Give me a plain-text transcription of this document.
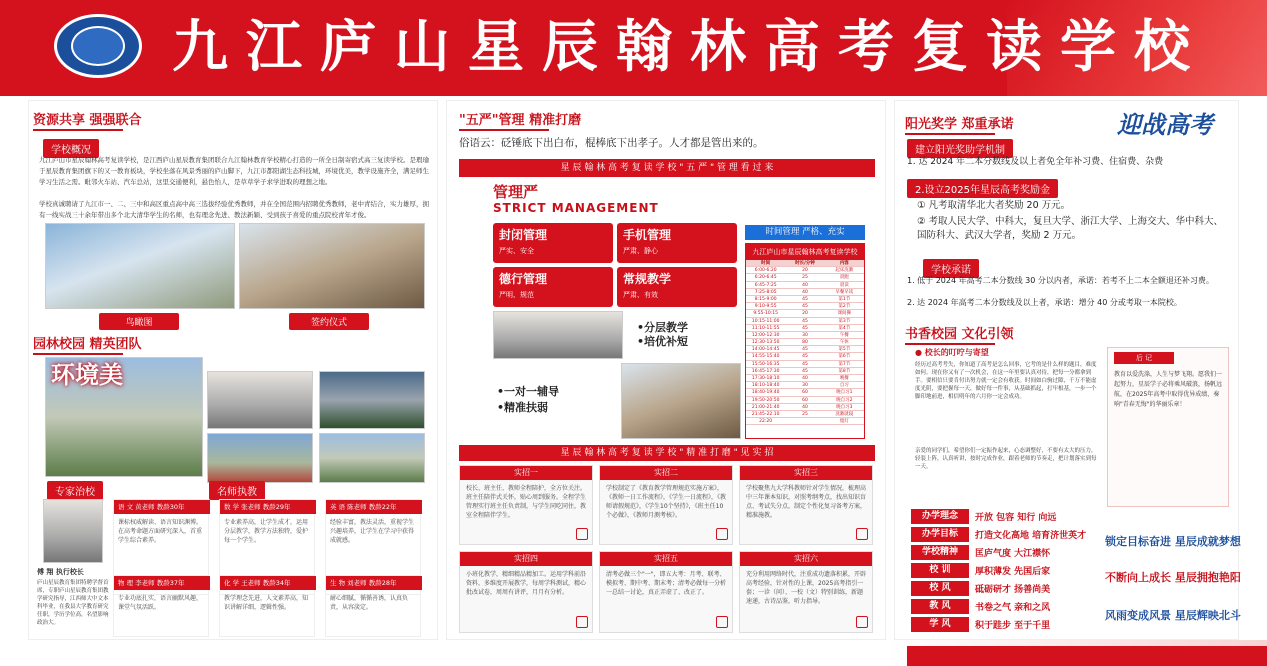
九江庐山星辰翰林高考复读学校
资源共享 强强联合
学校概况
九江庐山市星辰翰林高考复读学校，是江西庐山星辰教育集团联合九江翰林教育学校精心打造的一所全日制寄宿式高三复读学校。是瑕瑜于星辰教育集团旗下的又一教育板块，学校坐落在风景秀丽的庐山脚下，九江市都阳湖生态科技城，环境优美，教学设施齐全，满足师生学习生活之需。毗邻火车站、汽车总站，这里交通便利，悬色怡人，是草草学子求学进取的理想之地。
学校真诚聘请了九江市一、二、三中和高区重点高中高三选拔经验优秀教师，并在全国范围内招聘优秀教师，老中青结合，实力雄厚，拥有一线实战三十余年带出多个北大清华学生的名师，也有理念先进、教法新颖、受到孩子喜爱的重点院校青年才俊。
鸟瞰图	签约仪式
园林校园 精英团队
环境美
专家治校	名师执教
傅 翔 执行校长
庐山星辰教育集团特聘学督首席，专职庐山星辰教育集团教学研究指导，江西师大中文本科毕业，在我县大学教育研究任职，学历学位高，名望影响政治大。
语 文 黄老师 教龄30年
课标权威解读、语言知识渊博。在高考命题方面研究深入，首重学生综合素养。
数 学 张老师 教龄29年
专业素养高，让学生成才，运用分层教学，教学方法独特，爱护每一个学生。
英 语 陈老师 教龄22年
经验丰富，教法灵活，重视学生兴趣培养，让学生在学习中获得成就感。
物 理 李老师 教龄37年
专业功底扎实，语言幽默风趣，课堂气氛活跃。
化 学 王老师 教龄34年
教学理念先进，人文素养高，知识讲解详细，逻辑性强。
生 物 刘老师 教龄28年
耐心细腻，循循善诱，认真负责，从容淡定。
"五严"管理 精准打磨
俗语云：砭锤底下出白布，棍棒底下出孝子。人才都是管出来的。
星 辰 翰 林 高 考 复 读 学 校 " 五 严 " 管 理 看 过 来
管理严
STRICT MANAGEMENT
封闭管理
严实、安全
手机管理
严肃、静心
德行管理
严明、规范
常规教学
严肃、有效
•分层教学
•培优补短
•一对一辅导
•精准扶弱
时间管理 严格、充实
九江庐山市星辰翰林高考复读学校
时间	时长/分钟	内容
6:00-6:20	20	起床洗漱
6:20-6:45	25	晨跑
6:45-7:25	40	晨读
7:25-8:05	40	早餐早读
8:15-9:00	45	第1节
9:10-9:55	45	第2节
9:55-10:15	20	课间操
10:15-11:00	45	第3节
11:10-11:55	45	第4节
12:00-12:30	30	午餐
12:30-13:50	80	午休
14:00-14:45	45	第5节
14:55-15:40	45	第6节
15:50-16:35	45	第7节
16:45-17:30	45	第8节
17:30-18:10	40	晚餐
18:10-18:40	30	自习
18:40-19:40	60	晚自习1
19:50-20:50	60	晚自习2
21:00-21:40	40	晚自习3
21:45-22:10	25	洗漱就寝
22:20	熄灯
星 辰 翰 林 高 考 复 读 学 校 " 精 准 打 磨 " 见 实 招
实招一
校长、班主任、教师全程陪护，全方位关注。班主任陪伴式关怀，贴心周到服务。全程学生管理实行班主任负责制，与学生同吃同住，教室全程陪伴学生。
实招二
学校制定了《教育教学管理规范实施方案》，《教师一日工作流程》，《学生一日流程》，《教师请假规范》，《学生10个坚持》，《班主任10个必做》，《教师月测考核》。
实招三
学校聚焦九大学科教师针对学生情况，梳理高中三年课本知识，对照考纲考点，找出知识盲点、考试失分点，制定个性化复习备考方案，精准施教。
实招四
小班化教学，精细精品精加工。运用学科前沿资料，多维度开展教学，每周学科测试，精心批改试卷，周周有讲评，月月有分析。
实招五
清考必做三个"一"，即五大考：月考、联考、模拟考、期中考、期末考；清考必做每一分析一总结一讨论，真正弄虚了、改正了。
实招六
充分利用网络时代，注重成功遗落积累，开辟高考经验，针对性的上课，2025高考指引一套；一诊（问）、一校（文）特别训练，新题速递，古诗品鉴，听力指导。
阳光奖学 郑重承诺	迎战高考
建立阳光奖助学机制
1. 达 2024 年二本分数线及以上者免全年补习费、住宿费、杂费
2.设立2025年星辰高考奖励金
① 凡考取清华北大者奖励 20 万元。
② 考取人民大学、中科大，复旦大学、浙江大学、上海交大、华中科大、国防科大、武汉大学者，奖励 2 万元。
学校承诺
1. 低于 2024 年高考二本分数线 30 分以内者，承诺：若考不上二本全额退还补习费。
2. 达 2024 年高考二本分数线及以上者，承诺：增分 40 分或考取一本院校。
书香校园 文化引领
● 校长的叮咛与寄望
经历过高考考失，你知道了高考是怎么回事，它考的是什么样的题目，难度如何。现在你又有了一次机会，在这一年里要认真对待，把每一分都拿到手。要相信只要肯付出努力就一定会有收获。时间如白驹过隙，千万不能虚度光阴，要把握每一天，做好每一件事，从基础抓起，打牢根基，一步一个脚印地前进，相信明年的六月你一定会成功。
亲爱的同学们，希望你们一定振作起来，心态调整好，不要有太大的压力，轻装上阵，认真听讲，按时完成作业，跟着老师的节奏走，把计划落实到每一天。
后 记
教育以爱洗涤，人生与梦飞翔。愿我们一起努力，星辰学子必将乘风破浪，扬帆远航，在2025年高考中取得优异成绩，奏响"青春无悔"的华丽乐章！
办学理念	开放 包容 知行 向远
办学目标	打造文化高地 培育济世英才
学校精神	匡庐气度 大江襟怀
校 训	厚积薄发 先国后家
校 风	砥砺研才 扬善尚美
教 风	书卷之气 亲和之风
学 风	积于跬步 至于千里
锁定目标奋进 星辰成就梦想
不断向上成长 星辰拥抱艳阳
风雨变成风景 星辰辉映北斗
